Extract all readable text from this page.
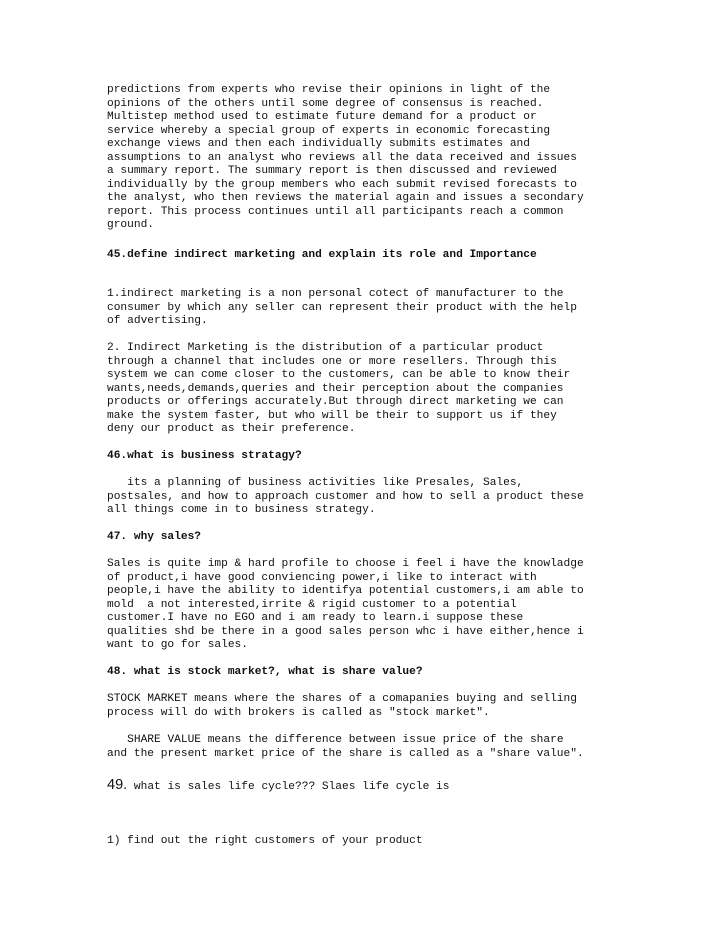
predictions from experts who revise their opinions in light of the
opinions of the others until some degree of consensus is reached.
Multistep method used to estimate future demand for a product or
service whereby a special group of experts in economic forecasting
exchange views and then each individually submits estimates and
assumptions to an analyst who reviews all the data received and issues
a summary report. The summary report is then discussed and reviewed
individually by the group members who each submit revised forecasts to
the analyst, who then reviews the material again and issues a secondary
report. This process continues until all participants reach a common
ground.

45.define indirect marketing and explain its role and Importance

1.indirect marketing is a non personal cotect of manufacturer to the
consumer by which any seller can represent their product with the help
of advertising.

2. Indirect Marketing is the distribution of a particular product
through a channel that includes one or more resellers. Through this
system we can come closer to the customers, can be able to know their
wants,needs,demands,queries and their perception about the companies
products or offerings accurately.But through direct marketing we can
make the system faster, but who will be their to support us if they
deny our product as their preference.

46.what is business stratagy?

its a planning of business activities like Presales, Sales,
postsales, and how to approach customer and how to sell a product these
all things come in to business strategy.

47. why sales?

Sales is quite imp & hard profile to choose i feel i have the knowladge
of product,i have good conviencing power,i like to interact with
people,i have the ability to identifya potential customers,i am able to
mold  a not interested,irrite & rigid customer to a potential
customer.I have no EGO and i am ready to learn.i suppose these
qualities shd be there in a good sales person whc i have either,hence i
want to go for sales.

48. what is stock market?, what is share value?

STOCK MARKET means where the shares of a comapanies buying and selling
process will do with brokers is called as "stock market".

SHARE VALUE means the difference between issue price of the share
and the present market price of the share is called as a "share value".

49. what is sales life cycle??? Slaes life cycle is

1) find out the right customers of your product
